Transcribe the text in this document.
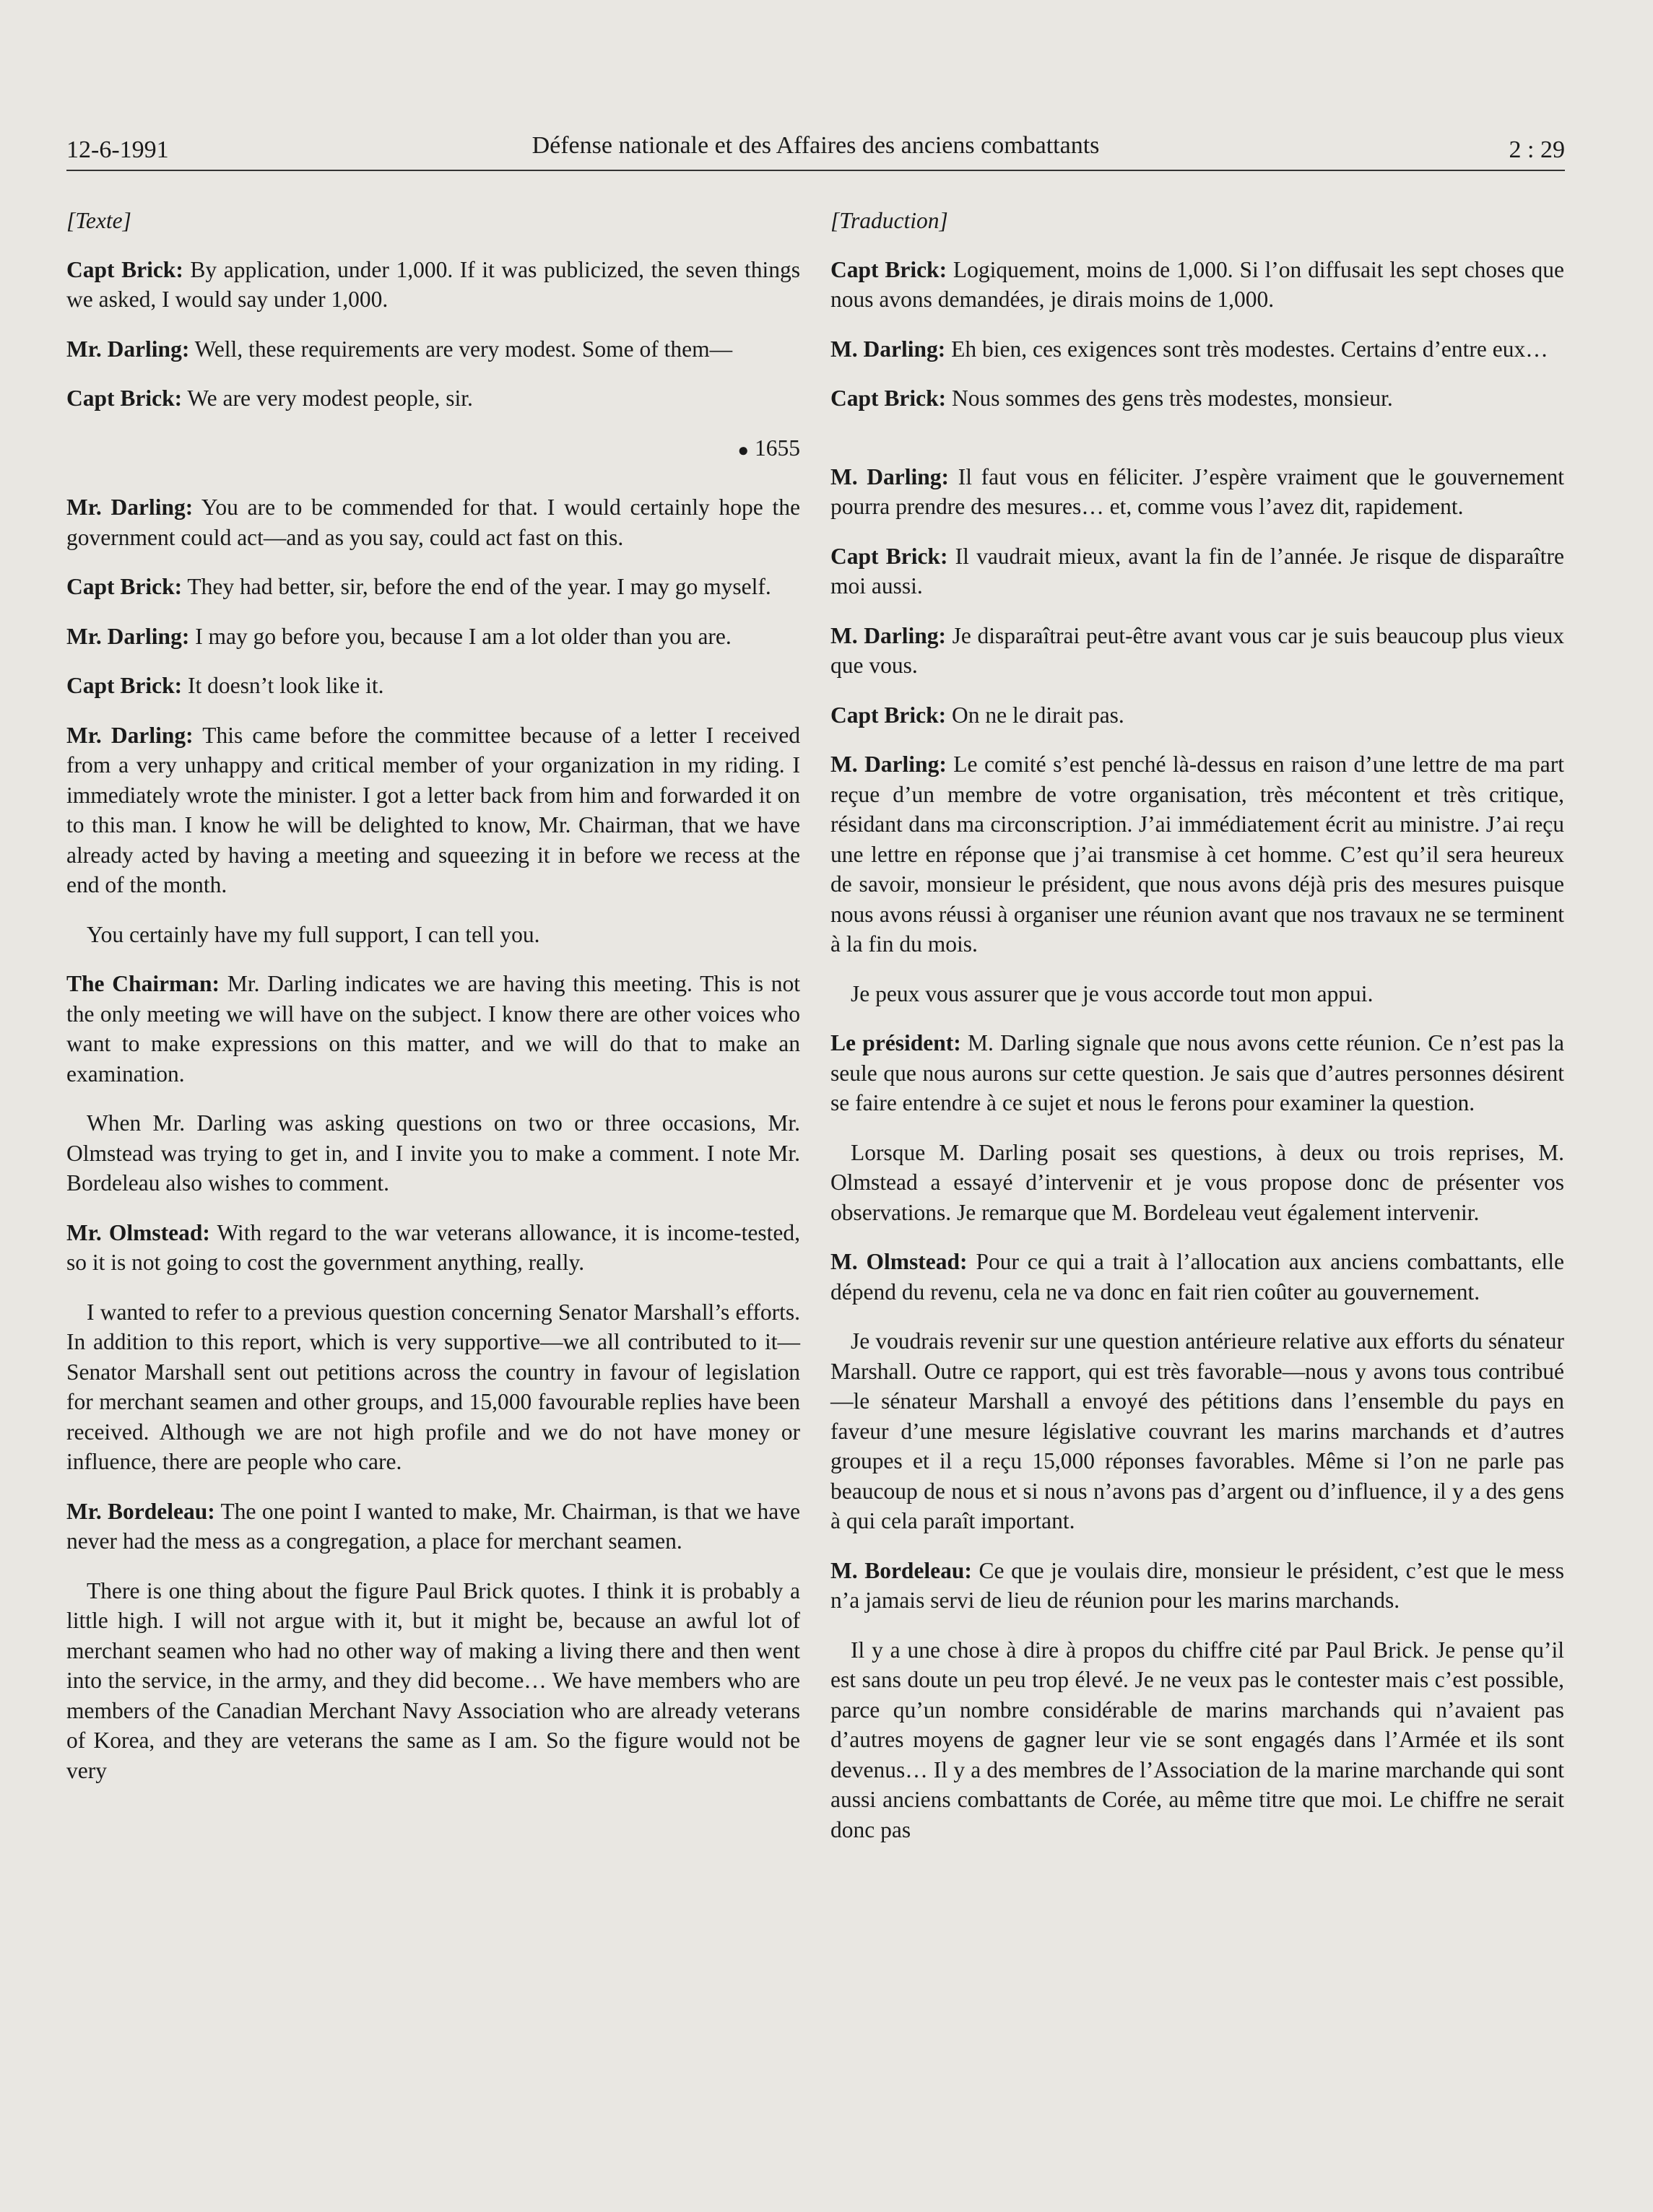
12-6-1991	Défense nationale et des Affaires des anciens combattants	2 : 29
[Texte]

Capt Brick: By application, under 1,000. If it was publicized, the seven things we asked, I would say under 1,000.

Mr. Darling: Well, these requirements are very modest. Some of them—

Capt Brick: We are very modest people, sir.

● 1655

Mr. Darling: You are to be commended for that. I would certainly hope the government could act—and as you say, could act fast on this.

Capt Brick: They had better, sir, before the end of the year. I may go myself.

Mr. Darling: I may go before you, because I am a lot older than you are.

Capt Brick: It doesn’t look like it.

Mr. Darling: This came before the committee because of a letter I received from a very unhappy and critical member of your organization in my riding. I immediately wrote the minister. I got a letter back from him and forwarded it on to this man. I know he will be delighted to know, Mr. Chairman, that we have already acted by having a meeting and squeezing it in before we recess at the end of the month.

You certainly have my full support, I can tell you.

The Chairman: Mr. Darling indicates we are having this meeting. This is not the only meeting we will have on the subject. I know there are other voices who want to make expressions on this matter, and we will do that to make an examination.

When Mr. Darling was asking questions on two or three occasions, Mr. Olmstead was trying to get in, and I invite you to make a comment. I note Mr. Bordeleau also wishes to comment.

Mr. Olmstead: With regard to the war veterans allowance, it is income-tested, so it is not going to cost the government anything, really.

I wanted to refer to a previous question concerning Senator Marshall’s efforts. In addition to this report, which is very supportive—we all contributed to it—Senator Marshall sent out petitions across the country in favour of legislation for merchant seamen and other groups, and 15,000 favourable replies have been received. Although we are not high profile and we do not have money or influence, there are people who care.

Mr. Bordeleau: The one point I wanted to make, Mr. Chairman, is that we have never had the mess as a congregation, a place for merchant seamen.

There is one thing about the figure Paul Brick quotes. I think it is probably a little high. I will not argue with it, but it might be, because an awful lot of merchant seamen who had no other way of making a living there and then went into the service, in the army, and they did become… We have members who are members of the Canadian Merchant Navy Association who are already veterans of Korea, and they are veterans the same as I am. So the figure would not be very

[Traduction]

Capt Brick: Logiquement, moins de 1,000. Si l’on diffusait les sept choses que nous avons demandées, je dirais moins de 1,000.

M. Darling: Eh bien, ces exigences sont très modestes. Certains d’entre eux…

Capt Brick: Nous sommes des gens très modestes, monsieur.

M. Darling: Il faut vous en féliciter. J’espère vraiment que le gouvernement pourra prendre des mesures… et, comme vous l’avez dit, rapidement.

Capt Brick: Il vaudrait mieux, avant la fin de l’année. Je risque de disparaître moi aussi.

M. Darling: Je disparaîtrai peut-être avant vous car je suis beaucoup plus vieux que vous.

Capt Brick: On ne le dirait pas.

M. Darling: Le comité s’est penché là-dessus en raison d’une lettre de ma part reçue d’un membre de votre organisation, très mécontent et très critique, résidant dans ma circonscription. J’ai immédiatement écrit au ministre. J’ai reçu une lettre en réponse que j’ai transmise à cet homme. C’est qu’il sera heureux de savoir, monsieur le président, que nous avons déjà pris des mesures puisque nous avons réussi à organiser une réunion avant que nos travaux ne se terminent à la fin du mois.

Je peux vous assurer que je vous accorde tout mon appui.

Le président: M. Darling signale que nous avons cette réunion. Ce n’est pas la seule que nous aurons sur cette question. Je sais que d’autres personnes désirent se faire entendre à ce sujet et nous le ferons pour examiner la question.

Lorsque M. Darling posait ses questions, à deux ou trois reprises, M. Olmstead a essayé d’intervenir et je vous propose donc de présenter vos observations. Je remarque que M. Bordeleau veut également intervenir.

M. Olmstead: Pour ce qui a trait à l’allocation aux anciens combattants, elle dépend du revenu, cela ne va donc en fait rien coûter au gouvernement.

Je voudrais revenir sur une question antérieure relative aux efforts du sénateur Marshall. Outre ce rapport, qui est très favorable—nous y avons tous contribué—le sénateur Marshall a envoyé des pétitions dans l’ensemble du pays en faveur d’une mesure législative couvrant les marins marchands et d’autres groupes et il a reçu 15,000 réponses favorables. Même si l’on ne parle pas beaucoup de nous et si nous n’avons pas d’argent ou d’influence, il y a des gens à qui cela paraît important.

M. Bordeleau: Ce que je voulais dire, monsieur le président, c’est que le mess n’a jamais servi de lieu de réunion pour les marins marchands.

Il y a une chose à dire à propos du chiffre cité par Paul Brick. Je pense qu’il est sans doute un peu trop élevé. Je ne veux pas le contester mais c’est possible, parce qu’un nombre considérable de marins marchands qui n’avaient pas d’autres moyens de gagner leur vie se sont engagés dans l’Armée et ils sont devenus… Il y a des membres de l’Association de la marine marchande qui sont aussi anciens combattants de Corée, au même titre que moi. Le chiffre ne serait donc pas
